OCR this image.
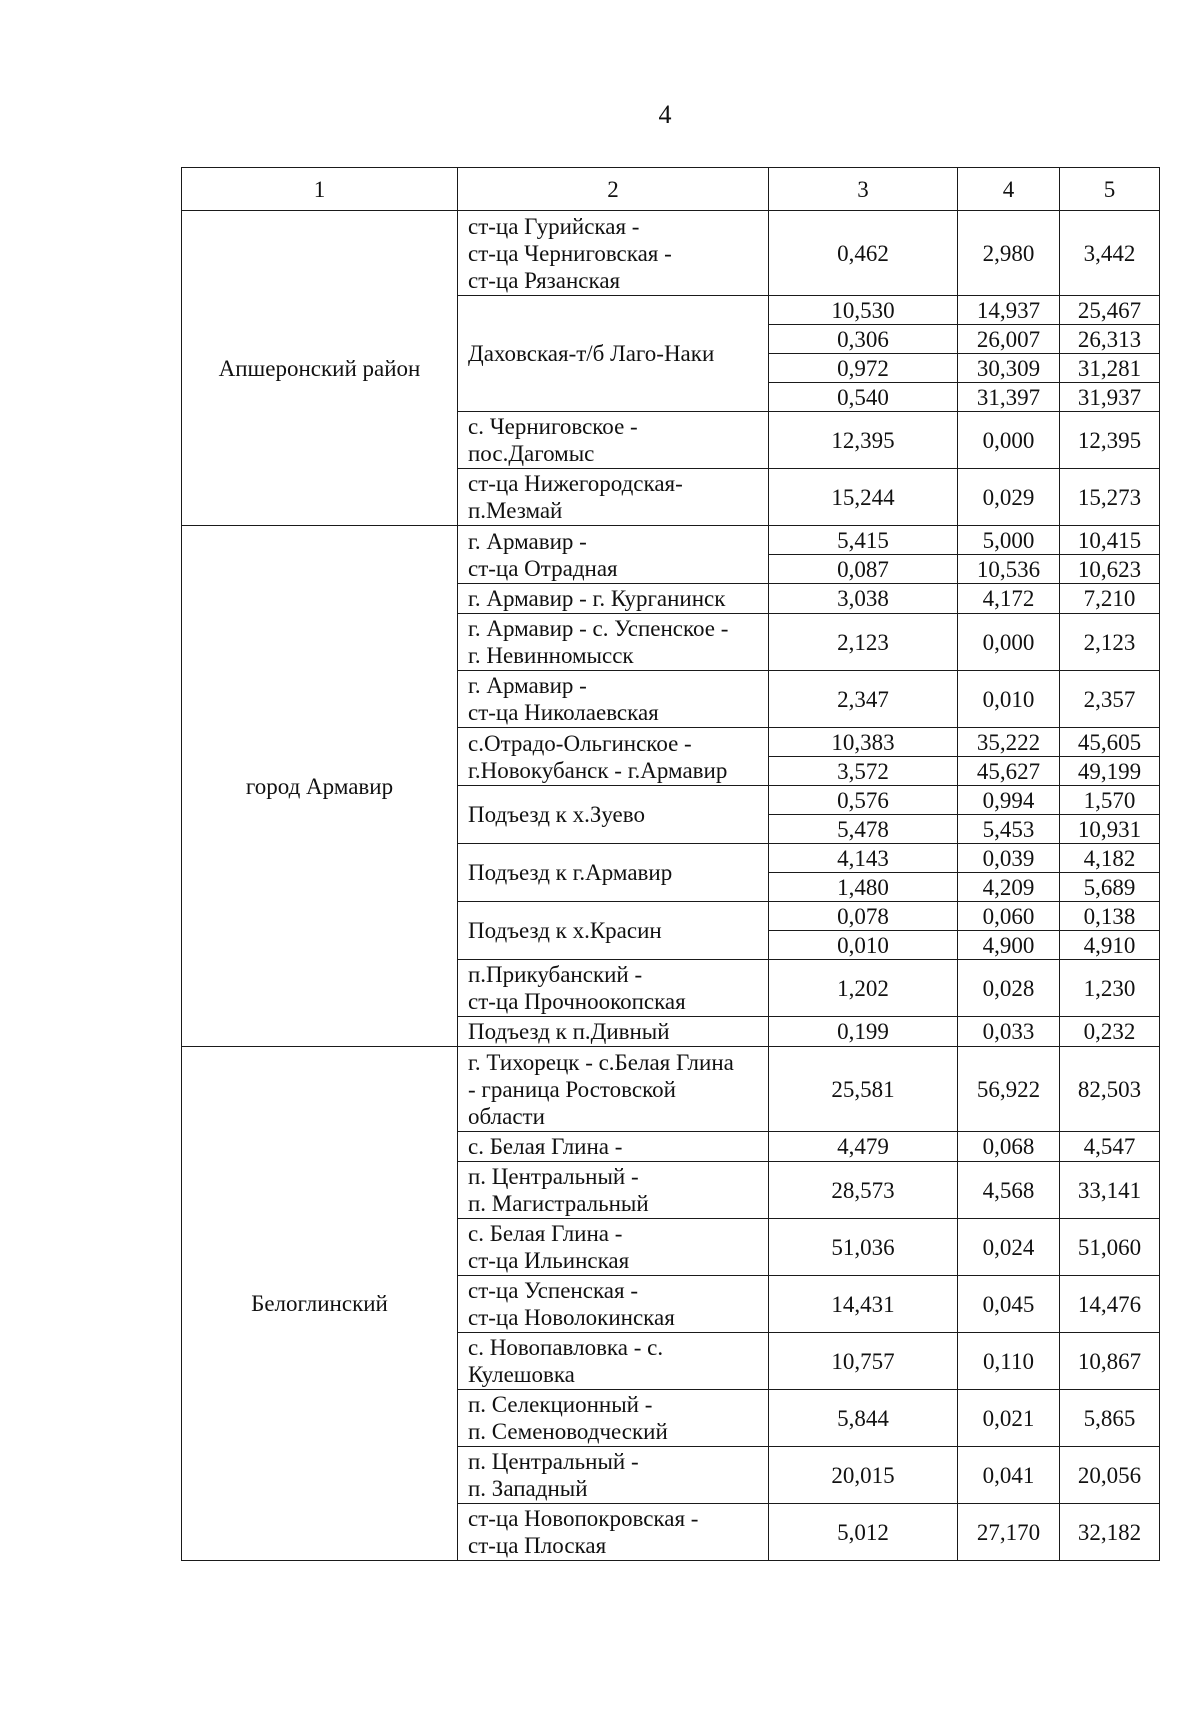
4
1	2	3	4	5
Апшеронский район	ст-ца Гурийская -
ст-ца Черниговская -
ст-ца Рязанская	0,462	2,980	3,442
	Даховская-т/б Лаго-Наки	10,530	14,937	25,467
		0,306	26,007	26,313
		0,972	30,309	31,281
		0,540	31,397	31,937
	с. Черниговское -
пос.Дагомыс	12,395	0,000	12,395
	ст-ца Нижегородская-
п.Мезмай	15,244	0,029	15,273
город Армавир	г. Армавир -
ст-ца Отрадная	5,415	5,000	10,415
		0,087	10,536	10,623
	г. Армавир - г. Курганинск	3,038	4,172	7,210
	г. Армавир - с. Успенское -
г. Невинномысск	2,123	0,000	2,123
	г. Армавир -
ст-ца Николаевская	2,347	0,010	2,357
	с.Отрадо-Ольгинское -
г.Новокубанск - г.Армавир	10,383	35,222	45,605
		3,572	45,627	49,199
	Подъезд к х.Зуево	0,576	0,994	1,570
		5,478	5,453	10,931
	Подъезд к г.Армавир	4,143	0,039	4,182
		1,480	4,209	5,689
	Подъезд к х.Красин	0,078	0,060	0,138
		0,010	4,900	4,910
	п.Прикубанский -
ст-ца Прочноокопская	1,202	0,028	1,230
	Подъезд к п.Дивный	0,199	0,033	0,232
Белоглинский	г. Тихорецк - с.Белая Глина
- граница Ростовской
области	25,581	56,922	82,503
	с. Белая Глина -	4,479	0,068	4,547
	п. Центральный -
п. Магистральный	28,573	4,568	33,141
	с. Белая Глина -
ст-ца Ильинская	51,036	0,024	51,060
	ст-ца Успенская -
ст-ца Новолокинская	14,431	0,045	14,476
	с. Новопавловка - с.
Кулешовка	10,757	0,110	10,867
	п. Селекционный -
п. Семеноводческий	5,844	0,021	5,865
	п. Центральный -
п. Западный	20,015	0,041	20,056
	ст-ца Новопокровская -
ст-ца Плоская	5,012	27,170	32,182
